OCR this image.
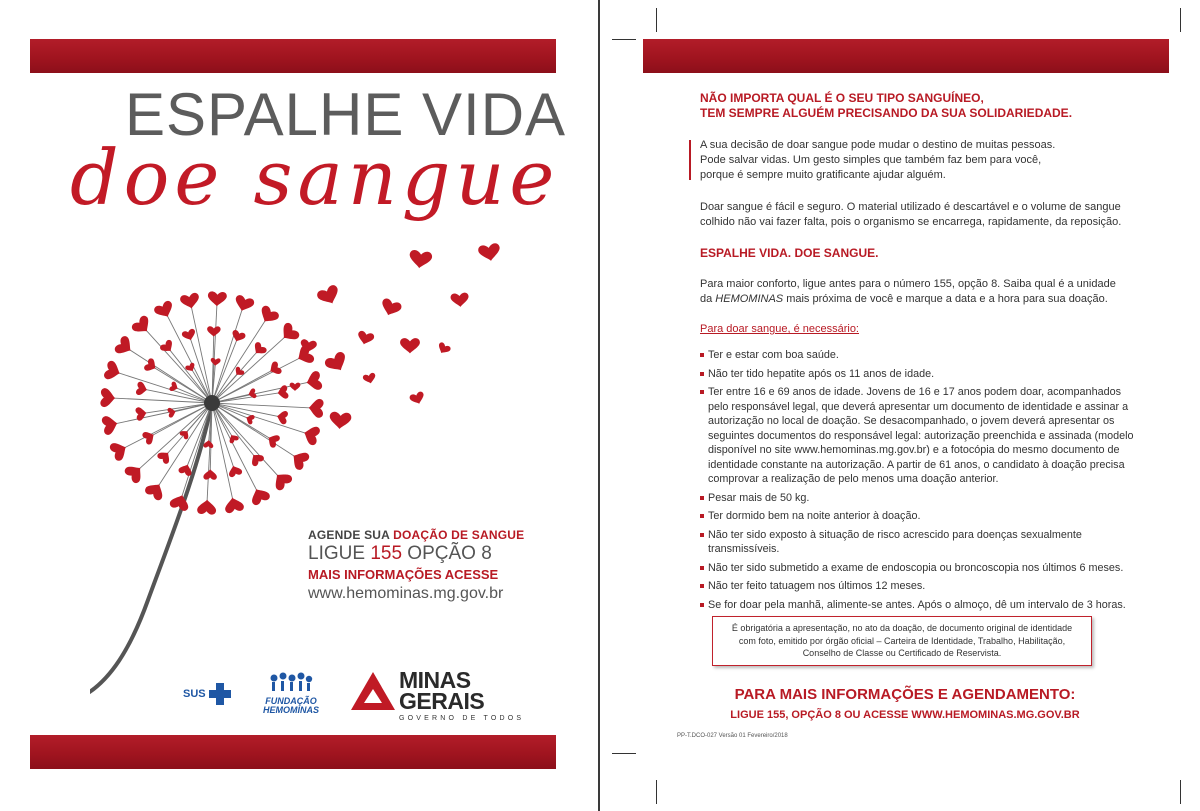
ESPALHE VIDA
doe sangue
AGENDE SUA DOAÇÃO DE SANGUE
LIGUE 155 OPÇÃO 8
MAIS INFORMAÇÕES ACESSE
www.hemominas.mg.gov.br
SUS
FUNDAÇÃO
HEMOMINAS
MINAS
GERAIS
GOVERNO DE TODOS
NÃO IMPORTA QUAL É O SEU TIPO SANGUÍNEO,
TEM SEMPRE ALGUÉM PRECISANDO DA SUA SOLIDARIEDADE.
A sua decisão de doar sangue pode mudar o destino de muitas pessoas.
Pode salvar vidas. Um gesto simples que também faz bem para você,
porque é sempre muito gratificante ajudar alguém.
Doar sangue é fácil e seguro. O material utilizado é descartável e o volume de sangue
colhido não vai fazer falta, pois o organismo se encarrega, rapidamente, da reposição.
ESPALHE VIDA. DOE SANGUE.
Para maior conforto, ligue antes para o número 155, opção 8. Saiba qual é a unidade
da HEMOMINAS mais próxima de você e marque a data e a hora para sua doação.
Para doar sangue, é necessário:
Ter e estar com boa saúde.
Não ter tido hepatite após os 11 anos de idade.
Ter entre 16 e 69 anos de idade. Jovens de 16 e 17 anos podem doar, acompanhados pelo responsável legal, que deverá apresentar um documento de identidade e assinar a autorização no local de doação. Se desacompanhado, o jovem deverá apresentar os seguintes documentos do responsável legal: autorização preenchida e assinada (modelo disponível no site www.hemominas.mg.gov.br) e a fotocópia do mesmo documento de identidade constante na autorização. A partir de 61 anos, o candidato à doação precisa comprovar a realização de pelo menos uma doação anterior.
Pesar mais de 50 kg.
Ter dormido bem na noite anterior à doação.
Não ter sido exposto à situação de risco acrescido para doenças sexualmente transmissíveis.
Não ter sido submetido a exame de endoscopia ou broncoscopia nos últimos 6 meses.
Não ter feito tatuagem nos últimos 12 meses.
Se for doar pela manhã, alimente-se antes. Após o almoço, dê um intervalo de 3 horas.
É obrigatória a apresentação, no ato da doação, de documento original de identidade
com foto, emitido por órgão oficial – Carteira de Identidade, Trabalho, Habilitação,
Conselho de Classe ou Certificado de Reservista.
PARA MAIS INFORMAÇÕES E AGENDAMENTO:
LIGUE 155, OPÇÃO 8 OU ACESSE WWW.HEMOMINAS.MG.GOV.BR
PP-T.DCO-027 Versão 01 Fevereiro/2018
